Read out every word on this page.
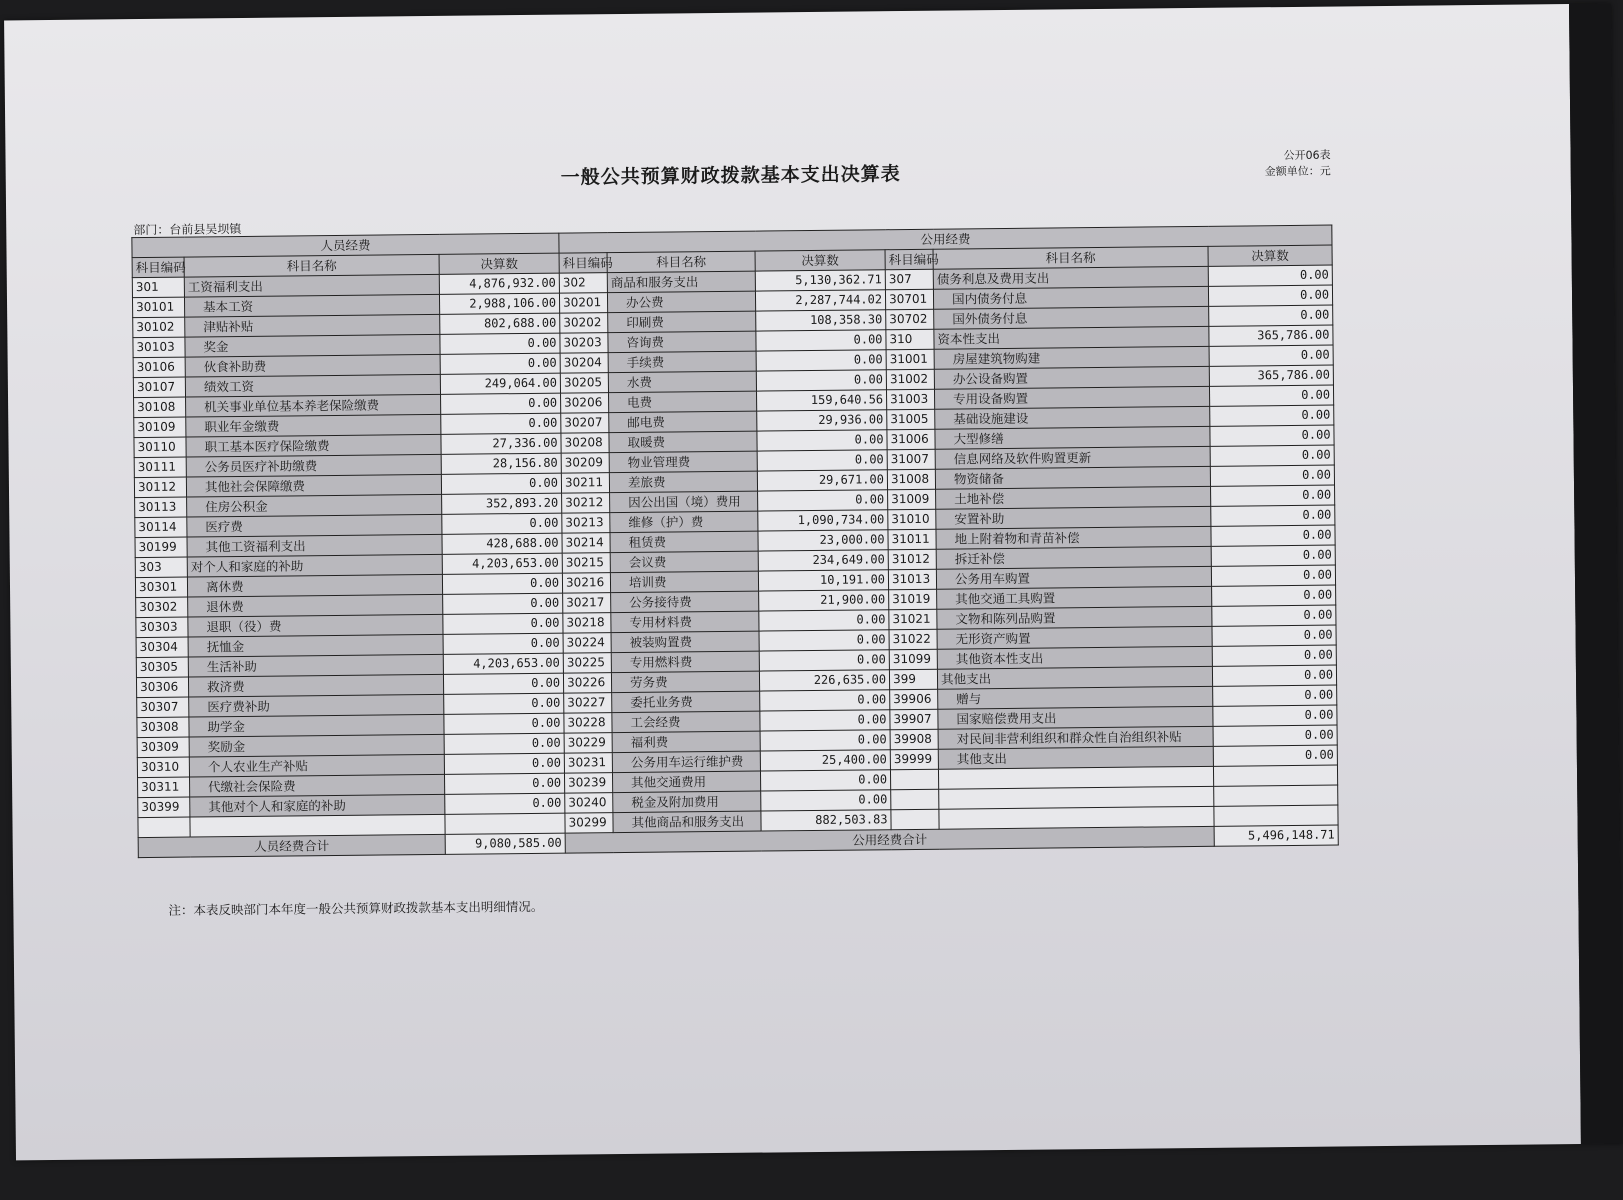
一般公共预算财政拨款基本支出决算表
公开06表
金额单位：元
部门：台前县吴坝镇
人员经费			公用经费					
科目编码	科目名称	决算数	科目编码	科目名称	决算数	科目编码	科目名称	决算数
301	工资福利支出	4,876,932.00	302	商品和服务支出	5,130,362.71	307	债务利息及费用支出	0.00
30101	基本工资	2,988,106.00	30201	办公费	2,287,744.02	30701	国内债务付息	0.00
30102	津贴补贴	802,688.00	30202	印刷费	108,358.30	30702	国外债务付息	0.00
30103	奖金	0.00	30203	咨询费	0.00	310	资本性支出	365,786.00
30106	伙食补助费	0.00	30204	手续费	0.00	31001	房屋建筑物购建	0.00
30107	绩效工资	249,064.00	30205	水费	0.00	31002	办公设备购置	365,786.00
30108	机关事业单位基本养老保险缴费	0.00	30206	电费	159,640.56	31003	专用设备购置	0.00
30109	职业年金缴费	0.00	30207	邮电费	29,936.00	31005	基础设施建设	0.00
30110	职工基本医疗保险缴费	27,336.00	30208	取暖费	0.00	31006	大型修缮	0.00
30111	公务员医疗补助缴费	28,156.80	30209	物业管理费	0.00	31007	信息网络及软件购置更新	0.00
30112	其他社会保障缴费	0.00	30211	差旅费	29,671.00	31008	物资储备	0.00
30113	住房公积金	352,893.20	30212	因公出国（境）费用	0.00	31009	土地补偿	0.00
30114	医疗费	0.00	30213	维修（护）费	1,090,734.00	31010	安置补助	0.00
30199	其他工资福利支出	428,688.00	30214	租赁费	23,000.00	31011	地上附着物和青苗补偿	0.00
303	对个人和家庭的补助	4,203,653.00	30215	会议费	234,649.00	31012	拆迁补偿	0.00
30301	离休费	0.00	30216	培训费	10,191.00	31013	公务用车购置	0.00
30302	退休费	0.00	30217	公务接待费	21,900.00	31019	其他交通工具购置	0.00
30303	退职（役）费	0.00	30218	专用材料费	0.00	31021	文物和陈列品购置	0.00
30304	抚恤金	0.00	30224	被装购置费	0.00	31022	无形资产购置	0.00
30305	生活补助	4,203,653.00	30225	专用燃料费	0.00	31099	其他资本性支出	0.00
30306	救济费	0.00	30226	劳务费	226,635.00	399	其他支出	0.00
30307	医疗费补助	0.00	30227	委托业务费	0.00	39906	赠与	0.00
30308	助学金	0.00	30228	工会经费	0.00	39907	国家赔偿费用支出	0.00
30309	奖励金	0.00	30229	福利费	0.00	39908	对民间非营利组织和群众性自治组织补贴	0.00
30310	个人农业生产补贴	0.00	30231	公务用车运行维护费	25,400.00	39999	其他支出	0.00
30311	代缴社会保险费	0.00	30239	其他交通费用	0.00			
30399	其他对个人和家庭的补助	0.00	30240	税金及附加费用	0.00			
			30299	其他商品和服务支出	882,503.83			
人员经费合计		9,080,585.00	公用经费合计					5,496,148.71
注：本表反映部门本年度一般公共预算财政拨款基本支出明细情况。
